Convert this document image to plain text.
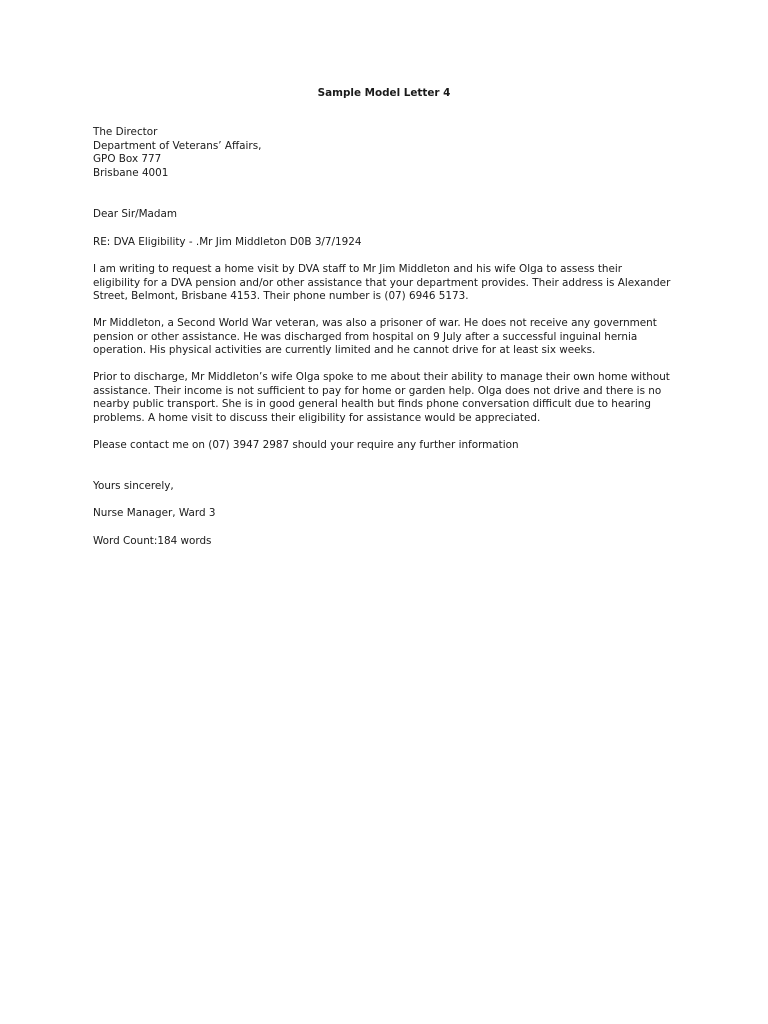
Sample Model Letter 4
The Director
Department of Veterans’ Affairs,
GPO Box 777
Brisbane 4001
Dear Sir/Madam
RE: DVA Eligibility - .Mr Jim Middleton D0B 3/7/1924
I am writing to request a home visit by DVA staff to Mr Jim Middleton and his wife Olga to assess their
eligibility for a DVA pension and/or other assistance that your department provides. Their address is Alexander
Street, Belmont, Brisbane 4153. Their phone number is (07) 6946 5173.
Mr Middleton, a Second World War veteran, was also a prisoner of war. He does not receive any government
pension or other assistance. He was discharged from hospital on 9 July after a successful inguinal hernia
operation. His physical activities are currently limited and he cannot drive for at least six weeks.
Prior to discharge, Mr Middleton’s wife Olga spoke to me about their ability to manage their own home without
assistance. Their income is not sufficient to pay for home or garden help. Olga does not drive and there is no
nearby public transport. She is in good general health but finds phone conversation difficult due to hearing
problems. A home visit to discuss their eligibility for assistance would be appreciated.
Please contact me on (07) 3947 2987 should your require any further information
Yours sincerely,
Nurse Manager, Ward 3
Word Count:184 words
